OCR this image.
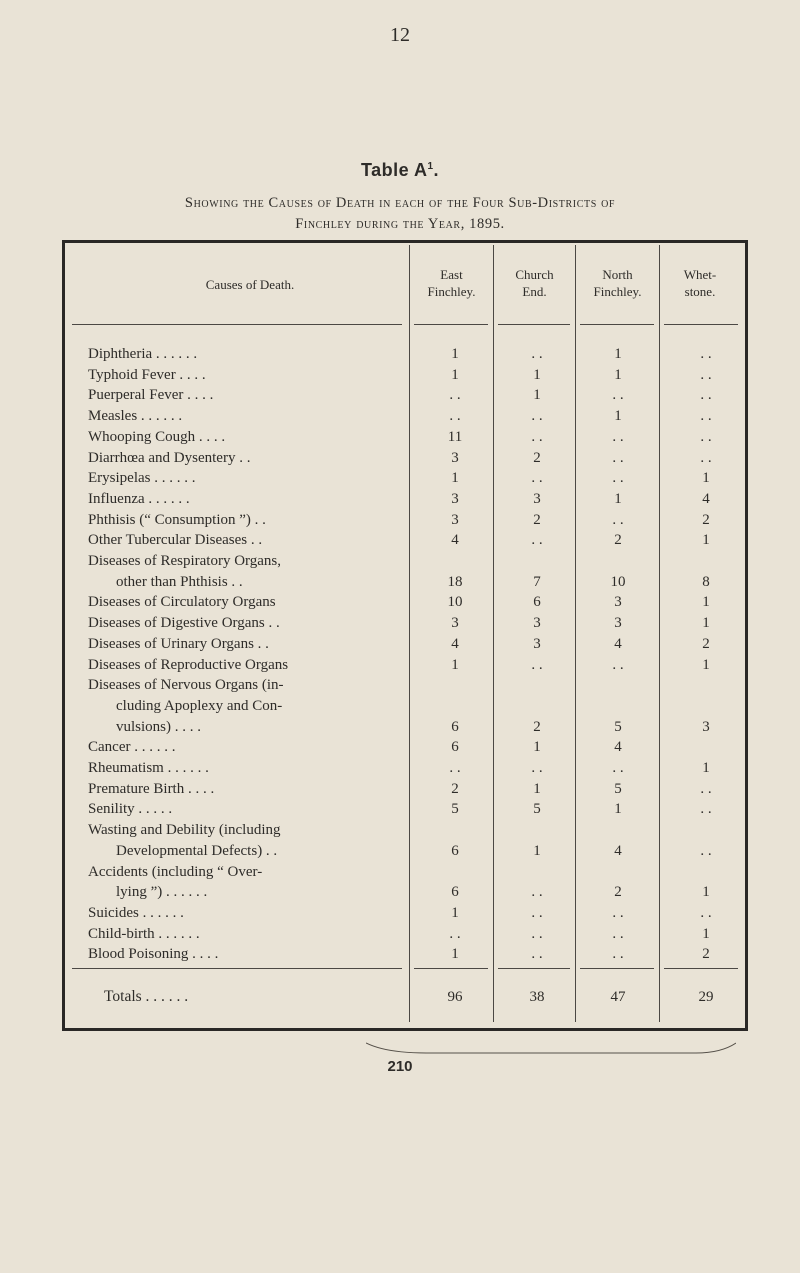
12
Table $A^1$.
Showing the Causes of Death in each of the Four Sub-Districts of
Finchley during the Year, 1895.
Causes of Death.
East
Finchley.
Church
End.
North
Finchley.
Whet-
stone.
Diphtheria . . . . . .	1	. .	1	. .
Typhoid Fever . . . .	1	1	1	. .
Puerperal Fever . . . .	. .	1	. .	. .
Measles . . . . . .	. .	. .	1	. .
Whooping Cough . . . .	11	. .	. .	. .
Diarrhœa and Dysentery . .	3	2	. .	. .
Erysipelas . . . . . .	1	. .	. .	1
Influenza . . . . . .	3	3	1	4
Phthisis (“ Consumption ”) . .	3	2	. .	2
Other Tubercular Diseases . .	4	. .	2	1
Diseases of Respiratory Organs,
other than Phthisis . .	18	7	10	8
Diseases of Circulatory Organs	10	6	3	1
Diseases of Digestive Organs . .	3	3	3	1
Diseases of Urinary Organs . .	4	3	4	2
Diseases of Reproductive Organs	1	. .	. .	1
Diseases of Nervous Organs (in-
cluding Apoplexy and Con-
vulsions) . . . .	6	2	5	3
Cancer . . . . . .	6	1	4
Rheumatism . . . . . .	. .	. .	. .	1
Premature Birth . . . .	2	1	5	. .
Senility . . . . .	5	5	1	. .
Wasting and Debility (including
Developmental Defects) . .	6	1	4	. .
Accidents (including “ Over-
lying ”) . . . . . .	6	. .	2	1
Suicides . . . . . .	1	. .	. .	. .
Child-birth . . . . . .	. .	. .	. .	1
Blood Poisoning . . . .	1	. .	. .	2
Totals . . . . . .	96	38	47	29
210
